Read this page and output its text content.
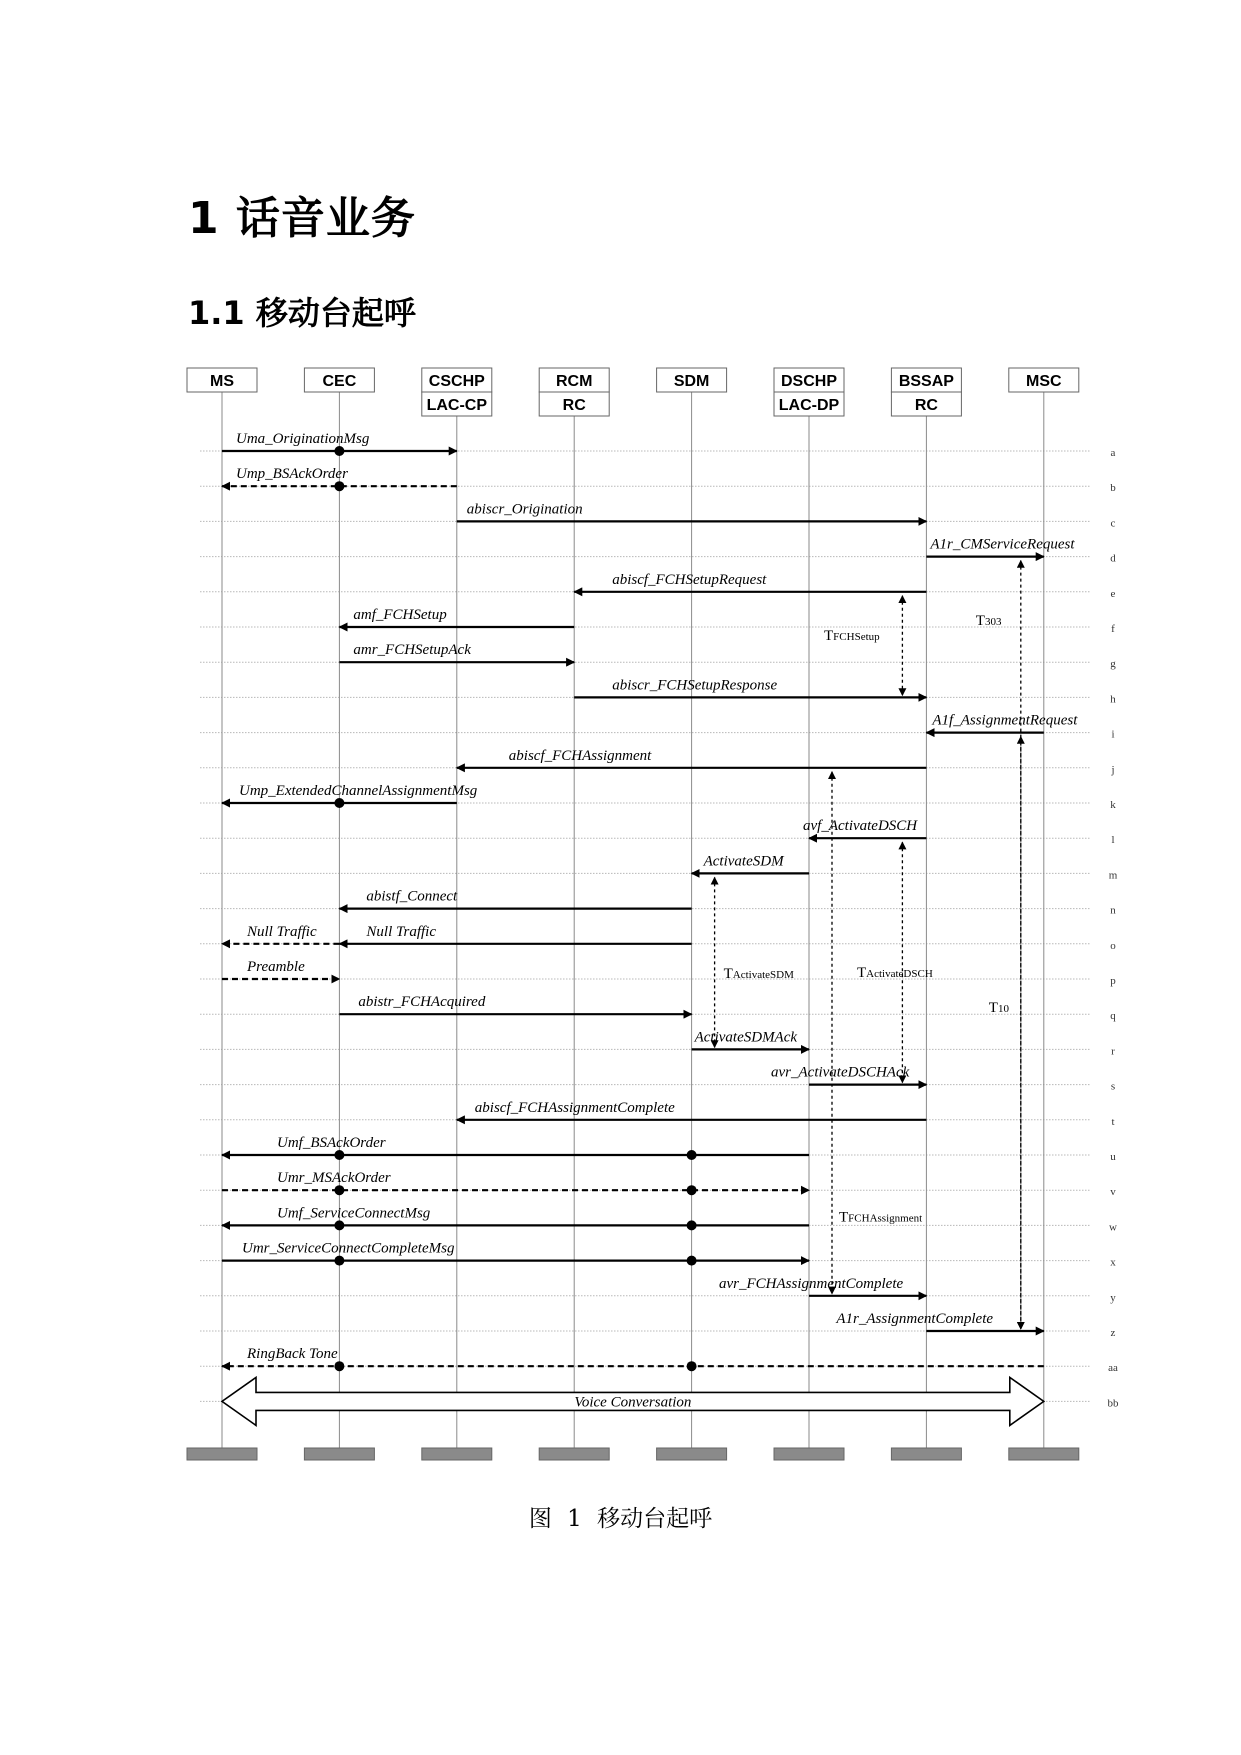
1 话音业务
1.1 移动台起呼
a
b
c
d
e
f
g
h
i
j
k
l
m
n
o
p
q
r
s
t
u
v
w
x
y
z
aa
bb
MS	CEC	CSCHP
LAC-CP
RCM
RC
SDM	DSCHP
LAC-DP
BSSAP
RC
MSC
T303
TFCHSetup
TActivateSDM	TActivateDSCH
T10
TFCHAssignment
Uma_OriginationMsg
Ump_BSAckOrder
abiscr_Origination
A1r_CMServiceRequest
abiscf_FCHSetupRequest
amf_FCHSetup
amr_FCHSetupAck
abiscr_FCHSetupResponse
A1f_AssignmentRequest
abiscf_FCHAssignment
Ump_ExtendedChannelAssignmentMsg
avf_ActivateDSCH
ActivateSDM
abistf_Connect
Null Traffic
Null Traffic
Preamble
abistr_FCHAcquired
ActivateSDMAck
avr_ActivateDSCHAck
abiscf_FCHAssignmentComplete
Umf_BSAckOrder
Umr_MSAckOrder
Umf_ServiceConnectMsg
Umr_ServiceConnectCompleteMsg
avr_FCHAssignmentComplete
A1r_AssignmentComplete
RingBack Tone
Voice Conversation

图 1 移动台起呼
